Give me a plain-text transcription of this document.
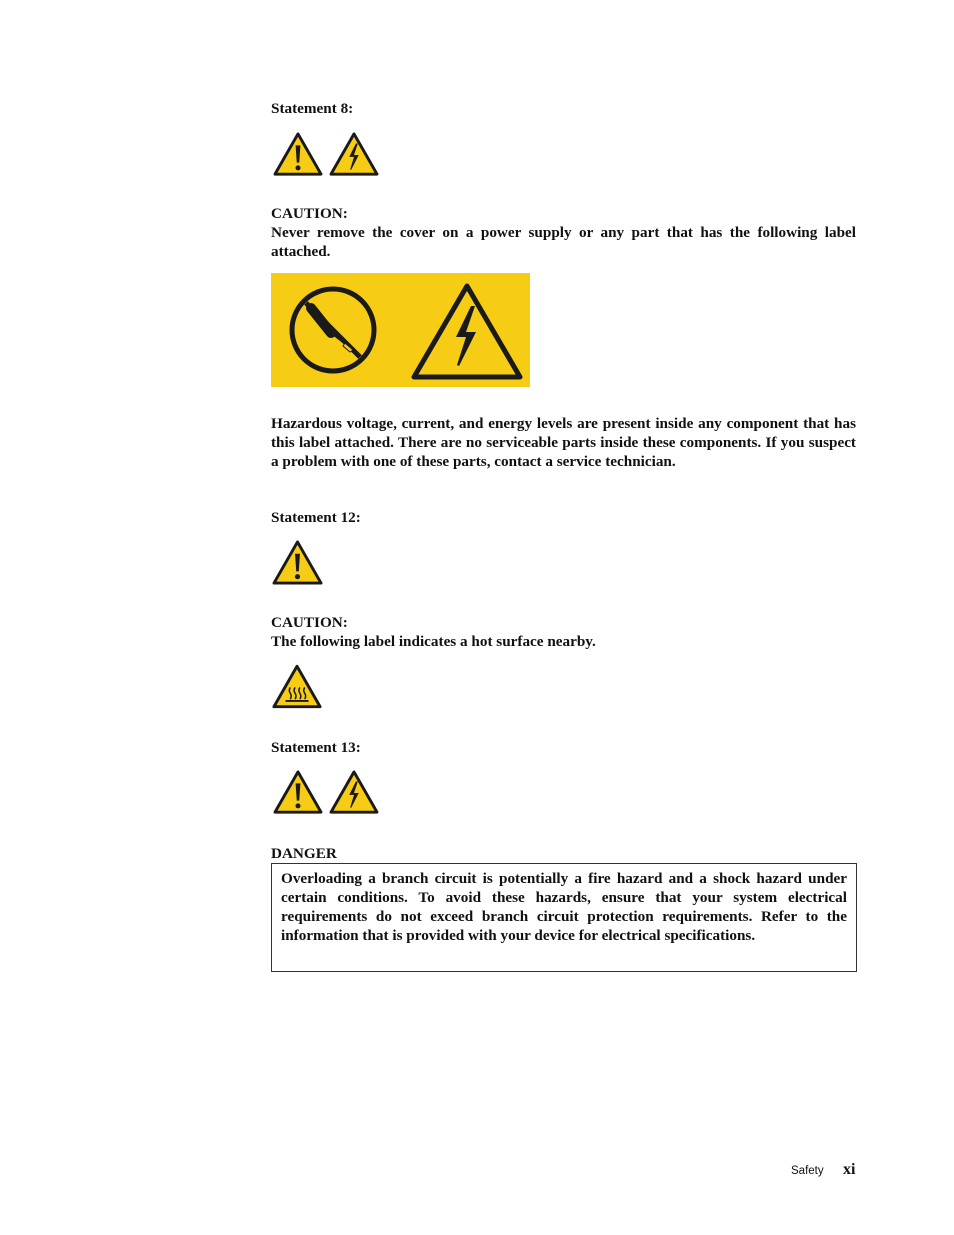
Statement 8:
CAUTION:
Never remove the cover on a power supply or any part that has the following label attached.
Hazardous voltage, current, and energy levels are present inside any component that has this label attached. There are no serviceable parts inside these components. If you suspect a problem with one of these parts, contact a service technician.
Statement 12:
CAUTION:
The following label indicates a hot surface nearby.
Statement 13:
DANGER
Overloading a branch circuit is potentially a fire hazard and a shock hazard under certain conditions. To avoid these hazards, ensure that your system electrical requirements do not exceed branch circuit protection requirements. Refer to the information that is provided with your device for electrical specifications.
Safety xi
